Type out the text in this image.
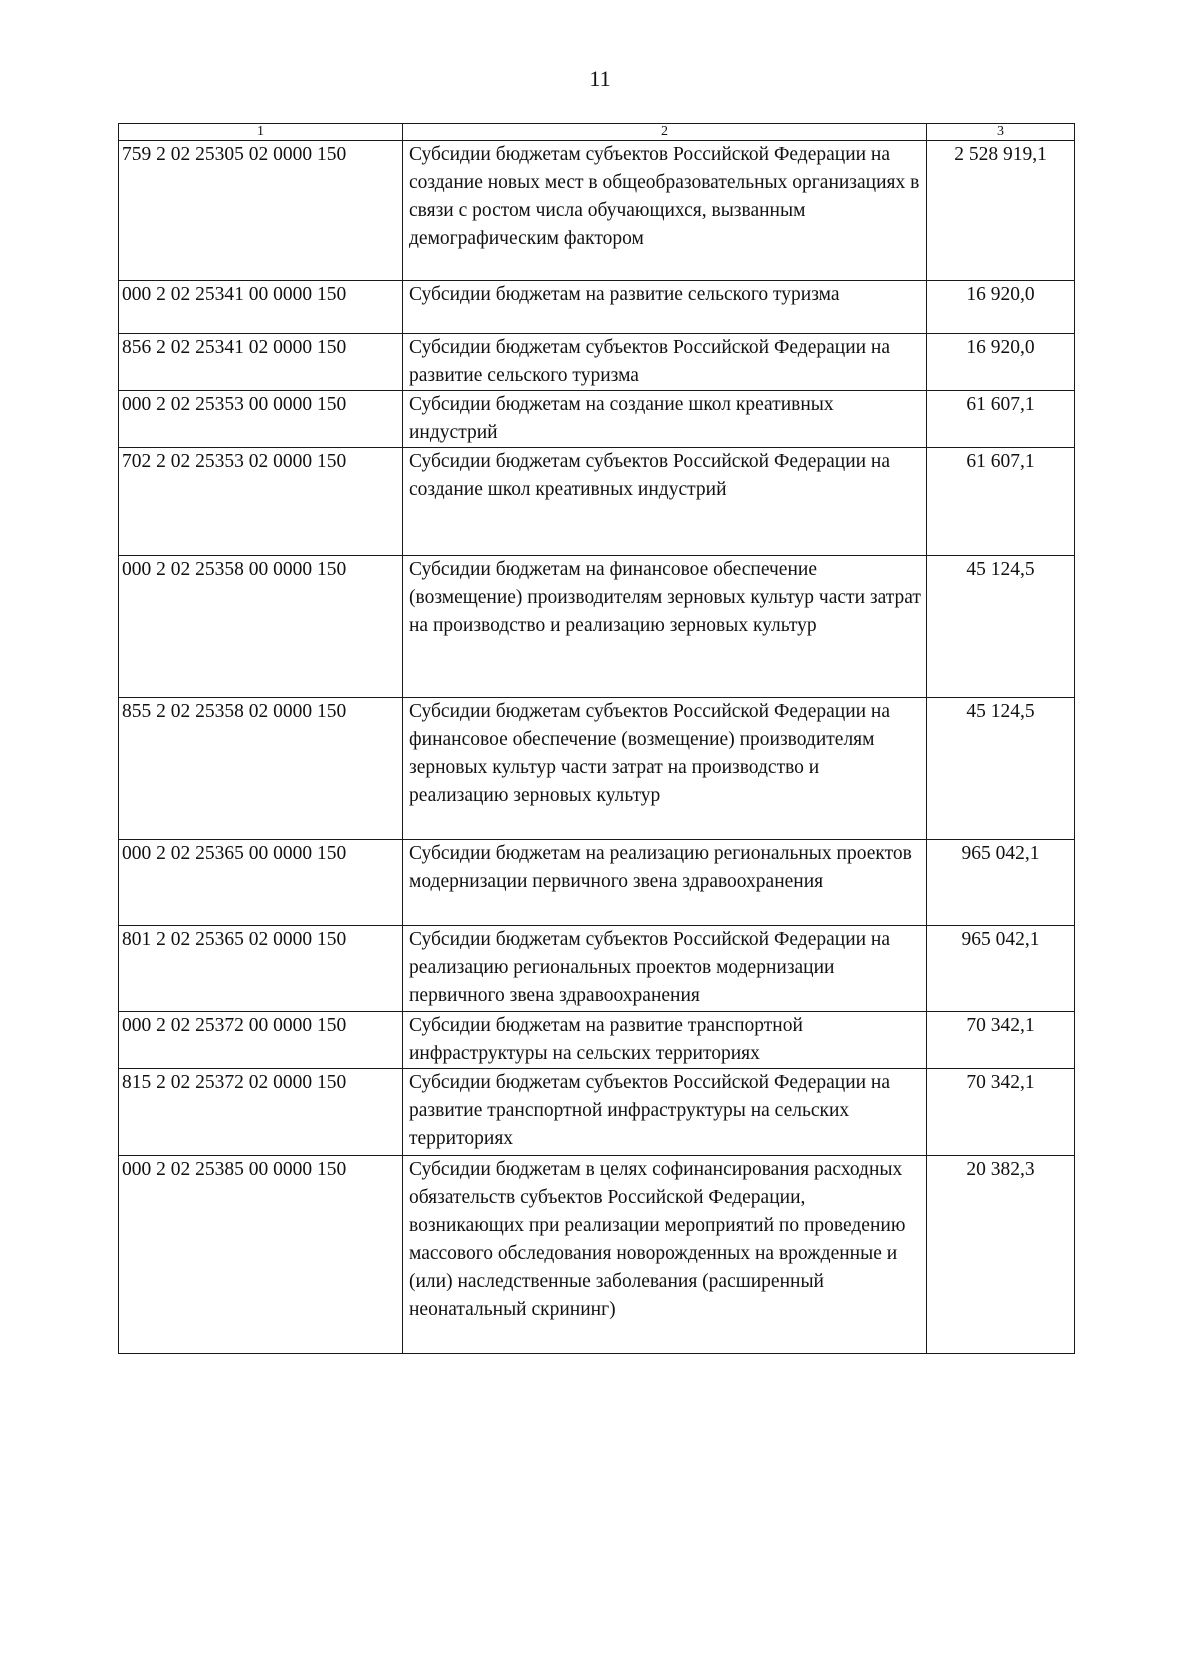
11
1	2	3
759 2 02 25305 02 0000 150	Субсидии бюджетам субъектов Российской Федерации на создание новых мест в общеобразовательных организациях в связи с ростом числа обучающихся, вызванным демографическим фактором	2 528 919,1
000 2 02 25341 00 0000 150	Субсидии бюджетам на развитие сельского туризма	16 920,0
856 2 02 25341 02 0000 150	Субсидии бюджетам субъектов Российской Федерации на развитие сельского туризма	16 920,0
000 2 02 25353 00 0000 150	Субсидии бюджетам на создание школ креативных индустрий	61 607,1
702 2 02 25353 02 0000 150	Субсидии бюджетам субъектов Российской Федерации на создание школ креативных индустрий	61 607,1
000 2 02 25358 00 0000 150	Субсидии бюджетам на финансовое обеспечение (возмещение) производителям зерновых культур части затрат на производство и реализацию зерновых культур	45 124,5
855 2 02 25358 02 0000 150	Субсидии бюджетам субъектов Российской Федерации на финансовое обеспечение (возмещение) производителям зерновых культур части затрат на производство и реализацию зерновых культур	45 124,5
000 2 02 25365 00 0000 150	Субсидии бюджетам на реализацию региональных проектов модернизации первичного звена здравоохранения	965 042,1
801 2 02 25365 02 0000 150	Субсидии бюджетам субъектов Российской Федерации на реализацию региональных проектов модернизации первичного звена здравоохранения	965 042,1
000 2 02 25372 00 0000 150	Субсидии бюджетам на развитие транспортной инфраструктуры на сельских территориях	70 342,1
815 2 02 25372 02 0000 150	Субсидии бюджетам субъектов Российской Федерации на развитие транспортной инфраструктуры на сельских территориях	70 342,1
000 2 02 25385 00 0000 150	Субсидии бюджетам в целях софинансирования расходных обязательств субъектов Российской Федерации, возникающих при реализации мероприятий по проведению массового обследования новорожденных на врожденные и (или) наследственные заболевания (расширенный неонатальный скрининг)	20 382,3
